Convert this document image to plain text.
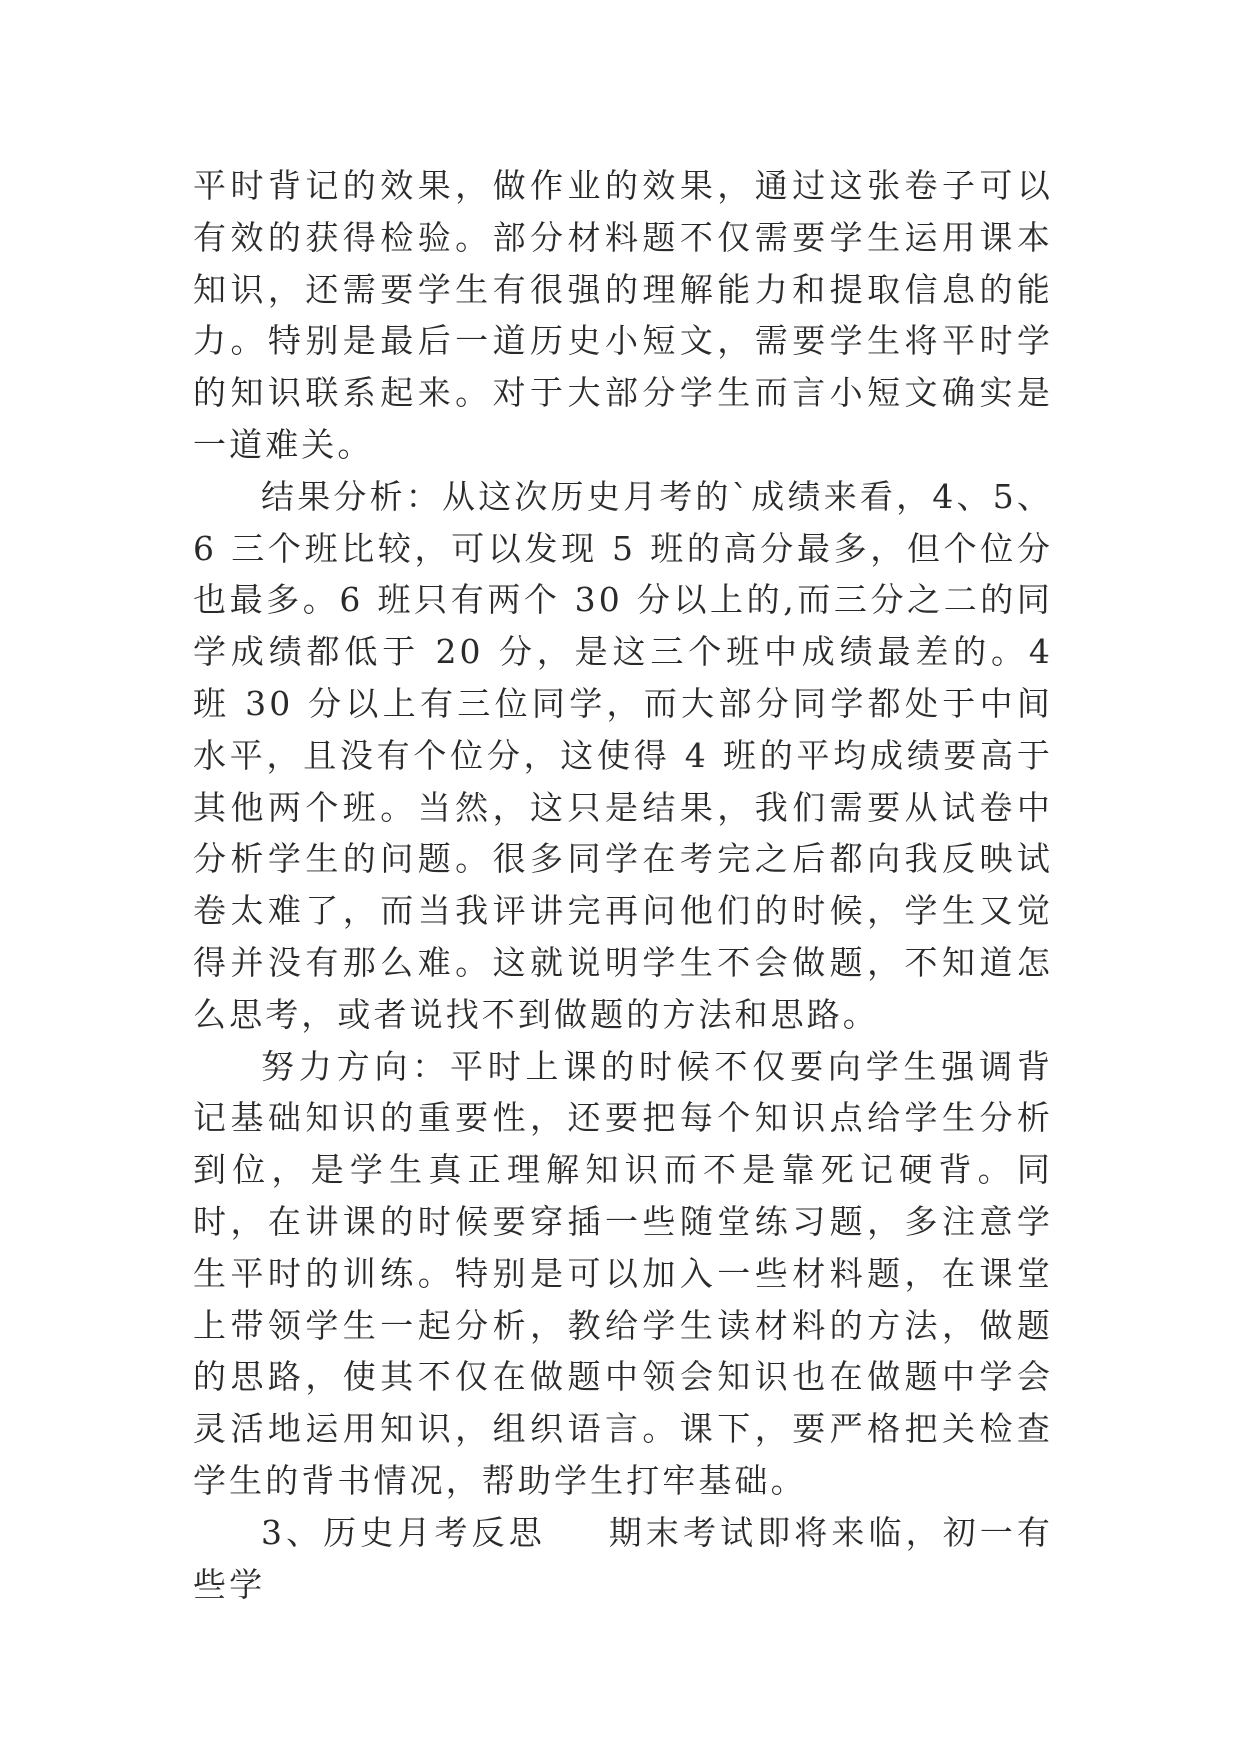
平时背记的效果，做作业的效果，通过这张卷子可以有效的获得检验。部分材料题不仅需要学生运用课本知识，还需要学生有很强的理解能力和提取信息的能力。特别是最后一道历史小短文，需要学生将平时学的知识联系起来。对于大部分学生而言小短文确实是一道难关。

结果分析：从这次历史月考的`成绩来看，4、5、6 三个班比较，可以发现 5 班的高分最多，但个位分也最多。6 班只有两个 30 分以上的,而三分之二的同学成绩都低于 20 分，是这三个班中成绩最差的。4 班 30 分以上有三位同学，而大部分同学都处于中间水平，且没有个位分，这使得 4 班的平均成绩要高于其他两个班。当然，这只是结果，我们需要从试卷中分析学生的问题。很多同学在考完之后都向我反映试卷太难了，而当我评讲完再问他们的时候，学生又觉得并没有那么难。这就说明学生不会做题，不知道怎么思考，或者说找不到做题的方法和思路。

努力方向：平时上课的时候不仅要向学生强调背记基础知识的重要性，还要把每个知识点给学生分析到位，是学生真正理解知识而不是靠死记硬背。同时，在讲课的时候要穿插一些随堂练习题，多注意学生平时的训练。特别是可以加入一些材料题，在课堂上带领学生一起分析，教给学生读材料的方法，做题的思路，使其不仅在做题中领会知识也在做题中学会灵活地运用知识，组织语言。课下，要严格把关检查学生的背书情况，帮助学生打牢基础。

3、历史月考反思 期末考试即将来临，初一有些学
